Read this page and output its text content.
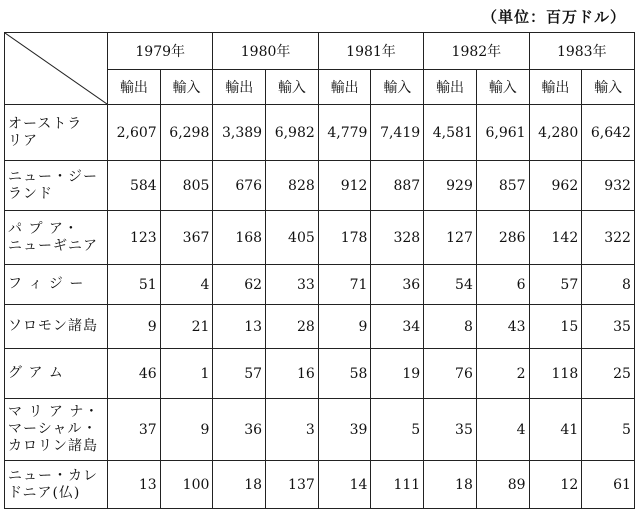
（単位：百万ドル）
	1979年		1980年		1981年		1982年		1983年	
	輸出	輸入	輸出	輸入	輸出	輸入	輸出	輸入	輸出	輸入

オーストラ
リア	2,607	6,298	3,389	6,982	4,779	7,419	4,581	6,961	4,280	6,642

ニュー・ジー
ランド	584	805	676	828	912	887	929	857	962	932

パ プ ア・
ニューギニア	123	367	168	405	178	328	127	286	142	322

フ ィ ジ ー	51	4	62	33	71	36	54	6	57	8

ソロモン諸島	9	21	13	28	9	34	8	43	15	35

グ ア ム	46	1	57	16	58	19	76	2	118	25

マ リ ア ナ・
マーシャル・
カロリン諸島	37	9	36	3	39	5	35	4	41	5

ニュー・カレ
ドニア(仏)	13	100	18	137	14	111	18	89	12	61
